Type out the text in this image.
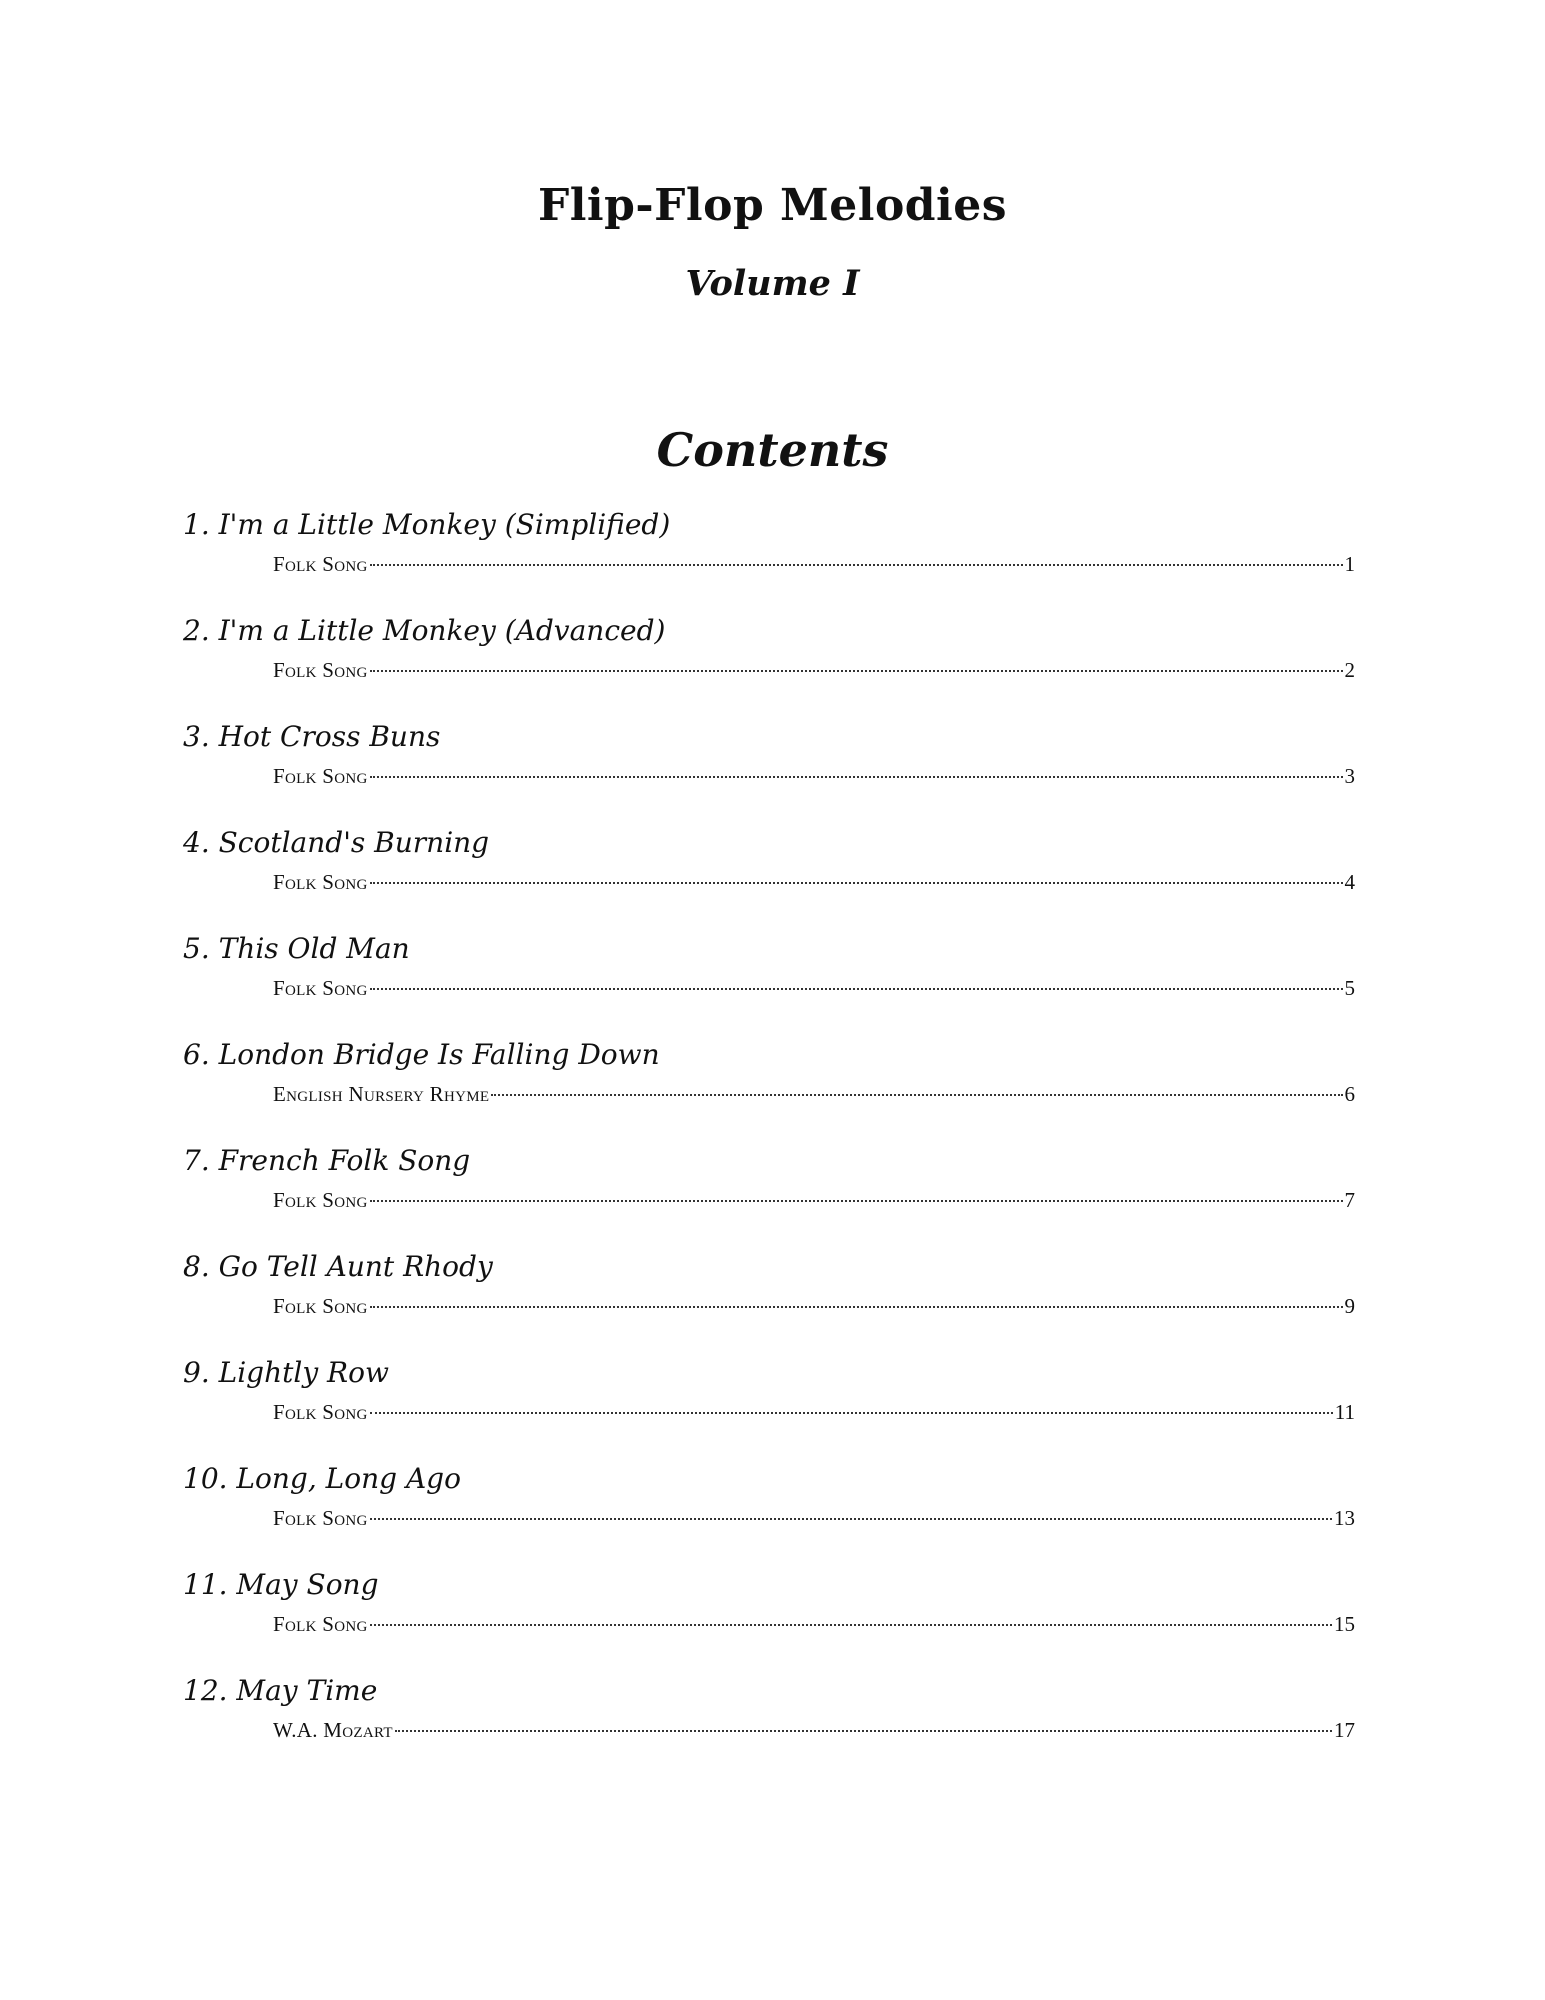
Flip-Flop Melodies
Volume I
Contents
1. I'm a Little Monkey (Simplified)
Folk Song	1
2. I'm a Little Monkey (Advanced)
Folk Song	2
3. Hot Cross Buns
Folk Song	3
4. Scotland's Burning
Folk Song	4
5. This Old Man
Folk Song	5
6. London Bridge Is Falling Down
English Nursery Rhyme	6
7. French Folk Song
Folk Song	7
8. Go Tell Aunt Rhody
Folk Song	9
9. Lightly Row
Folk Song	11
10. Long, Long Ago
Folk Song	13
11. May Song
Folk Song	15
12. May Time
W.A. Mozart	17
